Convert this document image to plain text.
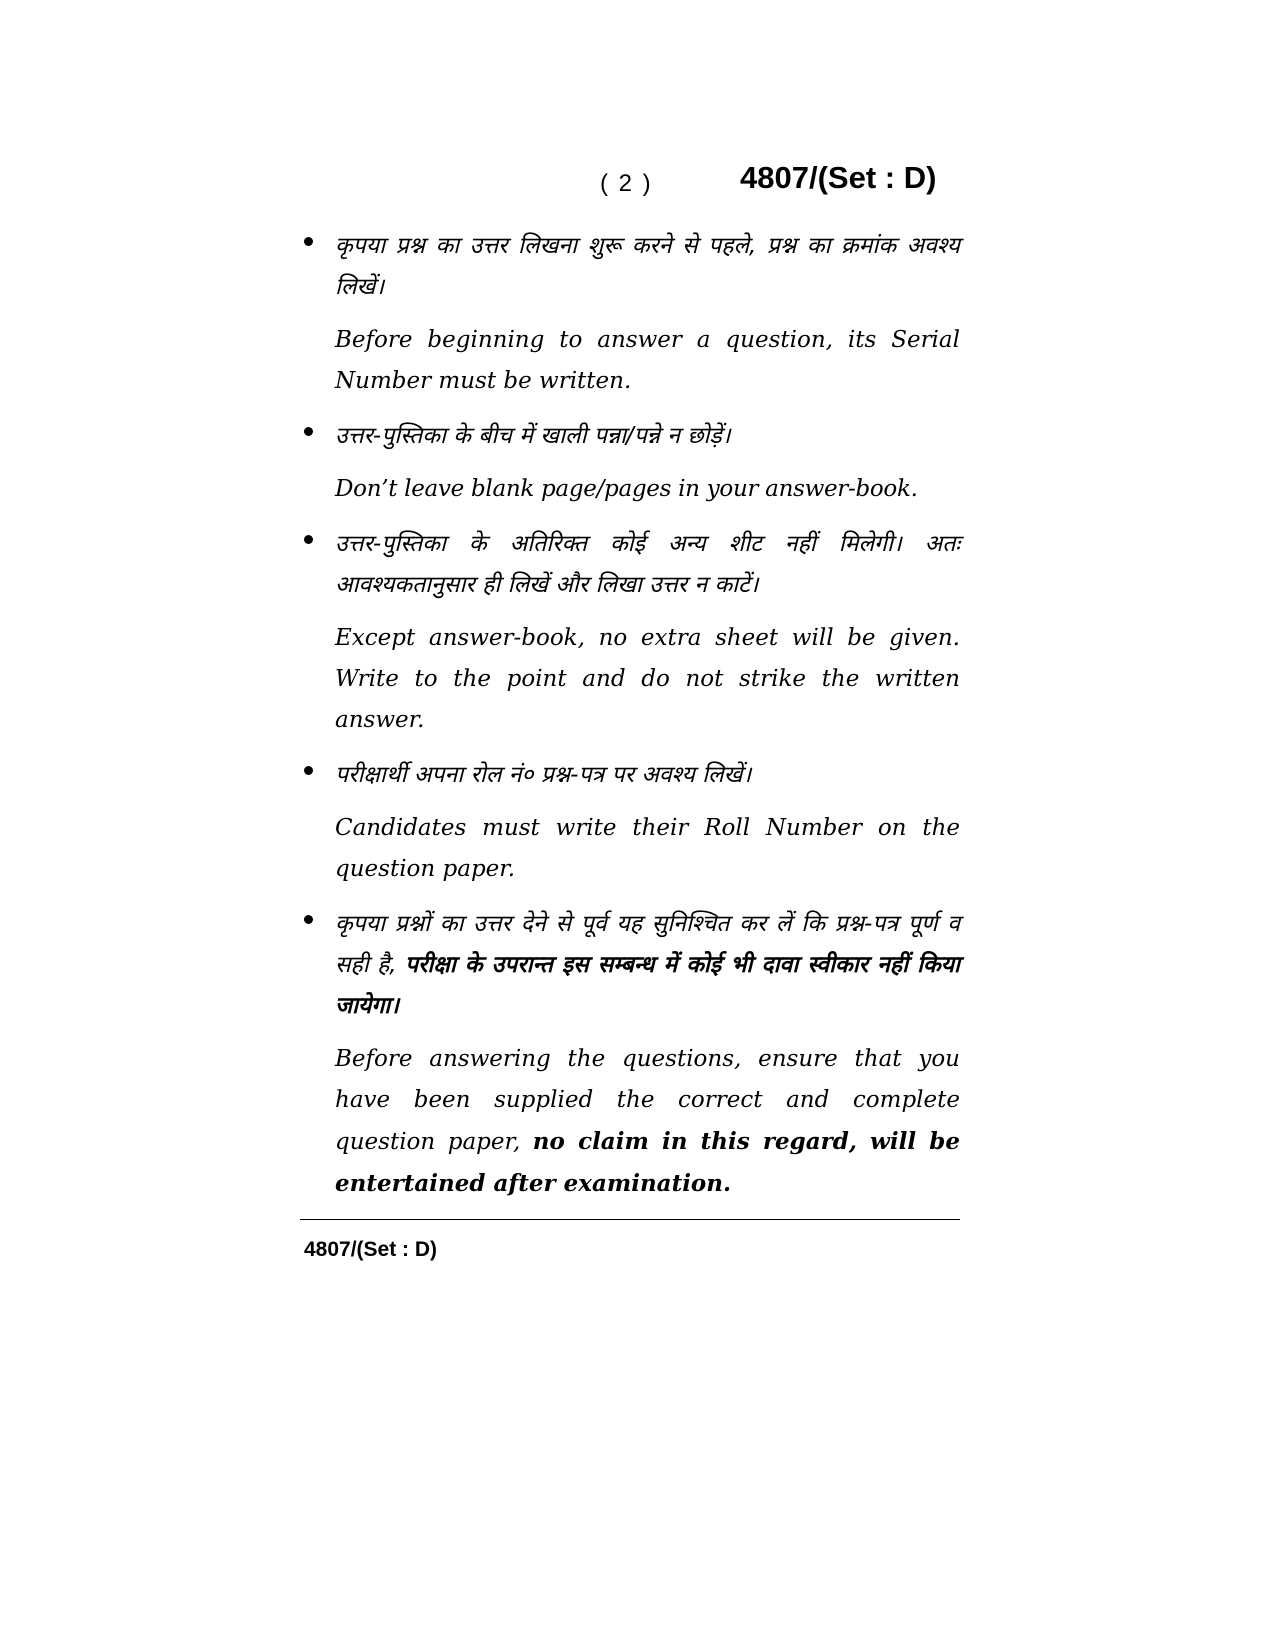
( 2 )	4807/(Set : D)

कृपया प्रश्न का उत्तर लिखना शुरू करने से पहले, प्रश्न का क्रमांक अवश्य लिखें।

Before beginning to answer a question, its Serial Number must be written.

उत्तर-पुस्तिका के बीच में खाली पन्ना/पन्ने न छोड़ें।

Don’t leave blank page/pages in your answer-book.

उत्तर-पुस्तिका के अतिरिक्त कोई अन्य शीट नहीं मिलेगी। अतः आवश्यकतानुसार ही लिखें और लिखा उत्तर न काटें।

Except answer-book, no extra sheet will be given. Write to the point and do not strike the written answer.

परीक्षार्थी अपना रोल नं० प्रश्न-पत्र पर अवश्य लिखें।

Candidates must write their Roll Number on the question paper.

कृपया प्रश्नों का उत्तर देने से पूर्व यह सुनिश्चित कर लें कि प्रश्न-पत्र पूर्ण व सही है, परीक्षा के उपरान्त इस सम्बन्ध में कोई भी दावा स्वीकार नहीं किया जायेगा।

Before answering the questions, ensure that you have been supplied the correct and complete question paper, no claim in this regard, will be entertained after examination.

4807/(Set : D)
